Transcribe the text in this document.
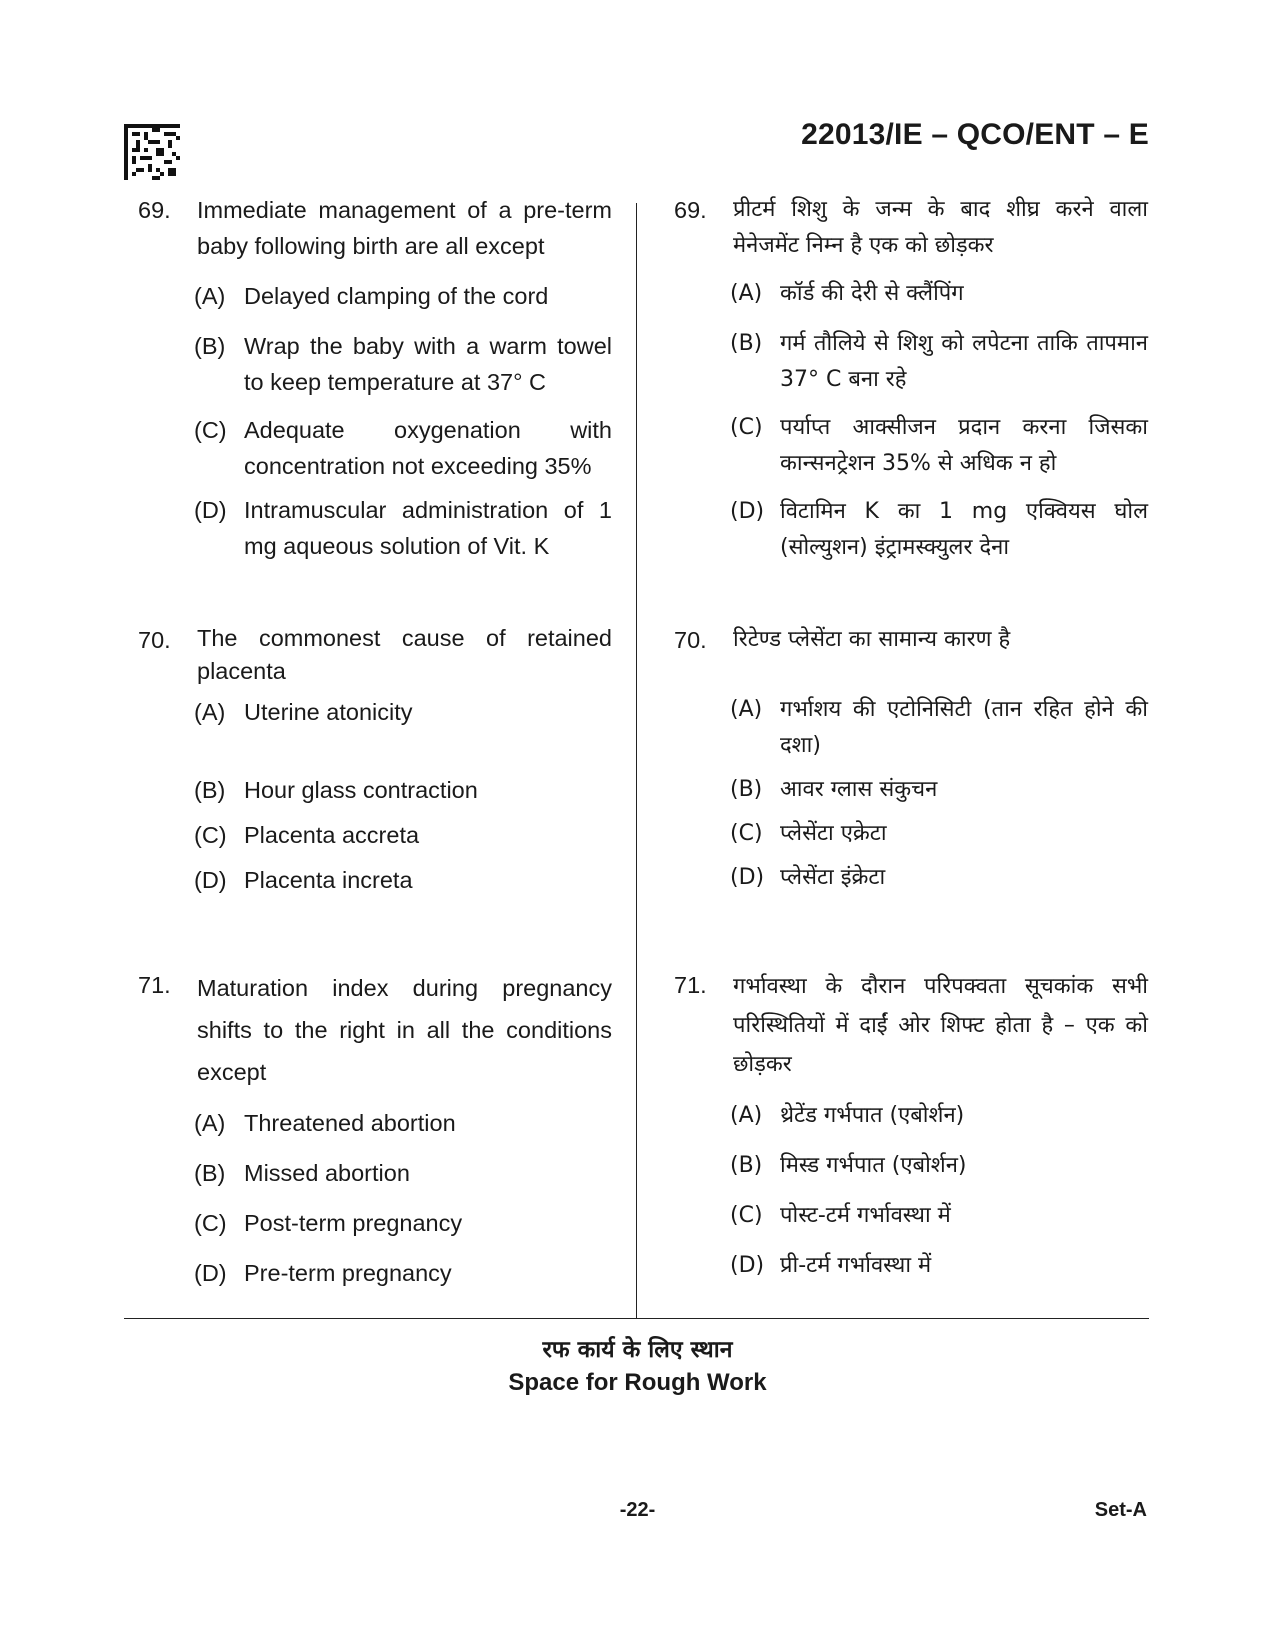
22013/IE – QCO/ENT – E
69. Immediate management of a pre-term baby following birth are all except
(A) Delayed clamping of the cord
(B) Wrap the baby with a warm towel to keep temperature at 37° C
(C) Adequate oxygenation with concentration not exceeding 35%
(D) Intramuscular administration of 1 mg aqueous solution of Vit. K
70. The commonest cause of retained placenta
(A) Uterine atonicity
(B) Hour glass contraction
(C) Placenta accreta
(D) Placenta increta
71. Maturation index during pregnancy shifts to the right in all the conditions except
(A) Threatened abortion
(B) Missed abortion
(C) Post-term pregnancy
(D) Pre-term pregnancy
69. प्रीटर्म शिशु के जन्म के बाद शीघ्र करने वाला मेनेजमेंट निम्न है एक को छोड़कर
(A) कॉर्ड की देरी से क्लैंपिंग
(B) गर्म तौलिये से शिशु को लपेटना ताकि तापमान 37° C बना रहे
(C) पर्याप्त आक्सीजन प्रदान करना जिसका कान्सनट्रेशन 35% से अधिक न हो
(D) विटामिन K का 1 mg एक्वियस घोल (सोल्युशन) इंट्रामस्क्युलर देना
70. रिटेण्ड प्लेसेंटा का सामान्य कारण है
(A) गर्भाशय की एटोनिसिटी (तान रहित होने की दशा)
(B) आवर ग्लास संकुचन
(C) प्लेसेंटा एक्रेटा
(D) प्लेसेंटा इंक्रेटा
71. गर्भावस्था के दौरान परिपक्वता सूचकांक सभी परिस्थितियों में दाईं ओर शिफ्ट होता है – एक को छोड़कर
(A) थ्रेटेंड गर्भपात (एबोर्शन)
(B) मिस्ड गर्भपात (एबोर्शन)
(C) पोस्ट-टर्म गर्भावस्था में
(D) प्री-टर्म गर्भावस्था में
रफ कार्य के लिए स्थान
Space for Rough Work
-22-	Set-A
